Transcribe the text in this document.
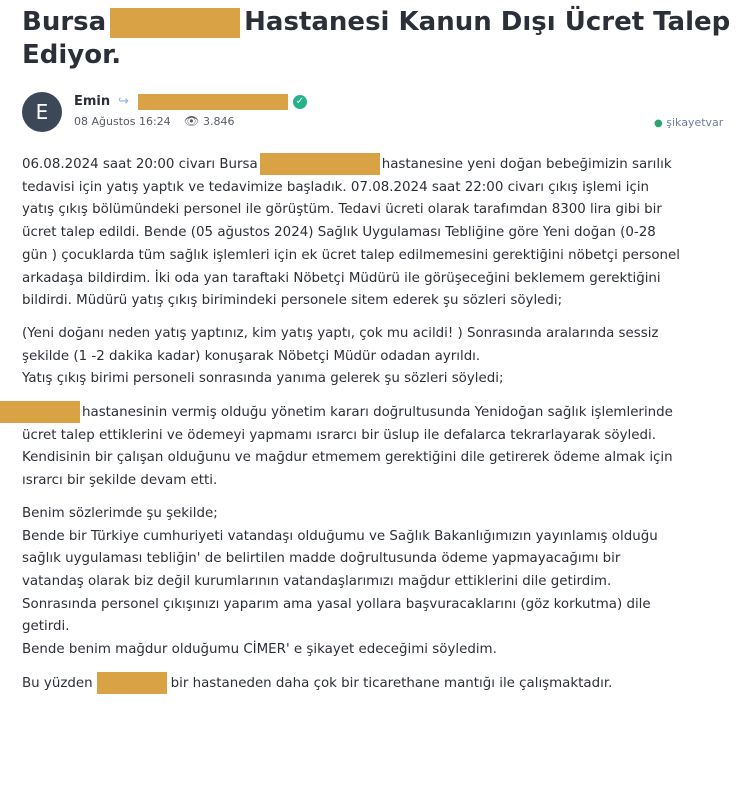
Bursa	Hastanesi Kanun Dışı Ücret Talep
Ediyor.
E	Emin ↪	✓
08 Ağustos 16:24 👁 3.846	● şikayetvar

06.08.2024 saat 20:00 civarı Bursa	hastanesine yeni doğan bebeğimizin sarılık
tedavisi için yatış yaptık ve tedavimize başladık. 07.08.2024 saat 22:00 civarı çıkış işlemi için
yatış çıkış bölümündeki personel ile görüştüm. Tedavi ücreti olarak tarafımdan 8300 lira gibi bir
ücret talep edildi. Bende (05 ağustos 2024) Sağlık Uygulaması Tebliğine göre Yeni doğan (0-28
gün ) çocuklarda tüm sağlık işlemleri için ek ücret talep edilmemesini gerektiğini nöbetçi personel
arkadaşa bildirdim. İki oda yan taraftaki Nöbetçi Müdürü ile görüşeceğini beklemem gerektiğini
bildirdi. Müdürü yatış çıkış birimindeki personele sitem ederek şu sözleri söyledi;

(Yeni doğanı neden yatış yaptınız, kim yatış yaptı, çok mu acildi! ) Sonrasında aralarında sessiz
şekilde (1 -2 dakika kadar) konuşarak Nöbetçi Müdür odadan ayrıldı.
Yatış çıkış birimi personeli sonrasında yanıma gelerek şu sözleri söyledi;

hastanesinin vermiş olduğu yönetim kararı doğrultusunda Yenidoğan sağlık işlemlerinde
ücret talep ettiklerini ve ödemeyi yapmamı ısrarcı bir üslup ile defalarca tekrarlayarak söyledi.
Kendisinin bir çalışan olduğunu ve mağdur etmemem gerektiğini dile getirerek ödeme almak için
ısrarcı bir şekilde devam etti.

Benim sözlerimde şu şekilde;
Bende bir Türkiye cumhuriyeti vatandaşı olduğumu ve Sağlık Bakanlığımızın yayınlamış olduğu
sağlık uygulaması tebliğin' de belirtilen madde doğrultusunda ödeme yapmayacağımı bir
vatandaş olarak biz değil kurumlarının vatandaşlarımızı mağdur ettiklerini dile getirdim.
Sonrasında personel çıkışınızı yaparım ama yasal yollara başvuracaklarını (göz korkutma) dile
getirdi.
Bende benim mağdur olduğumu CİMER' e şikayet edeceğimi söyledim.

Bu yüzden	bir hastaneden daha çok bir ticarethane mantığı ile çalışmaktadır.
